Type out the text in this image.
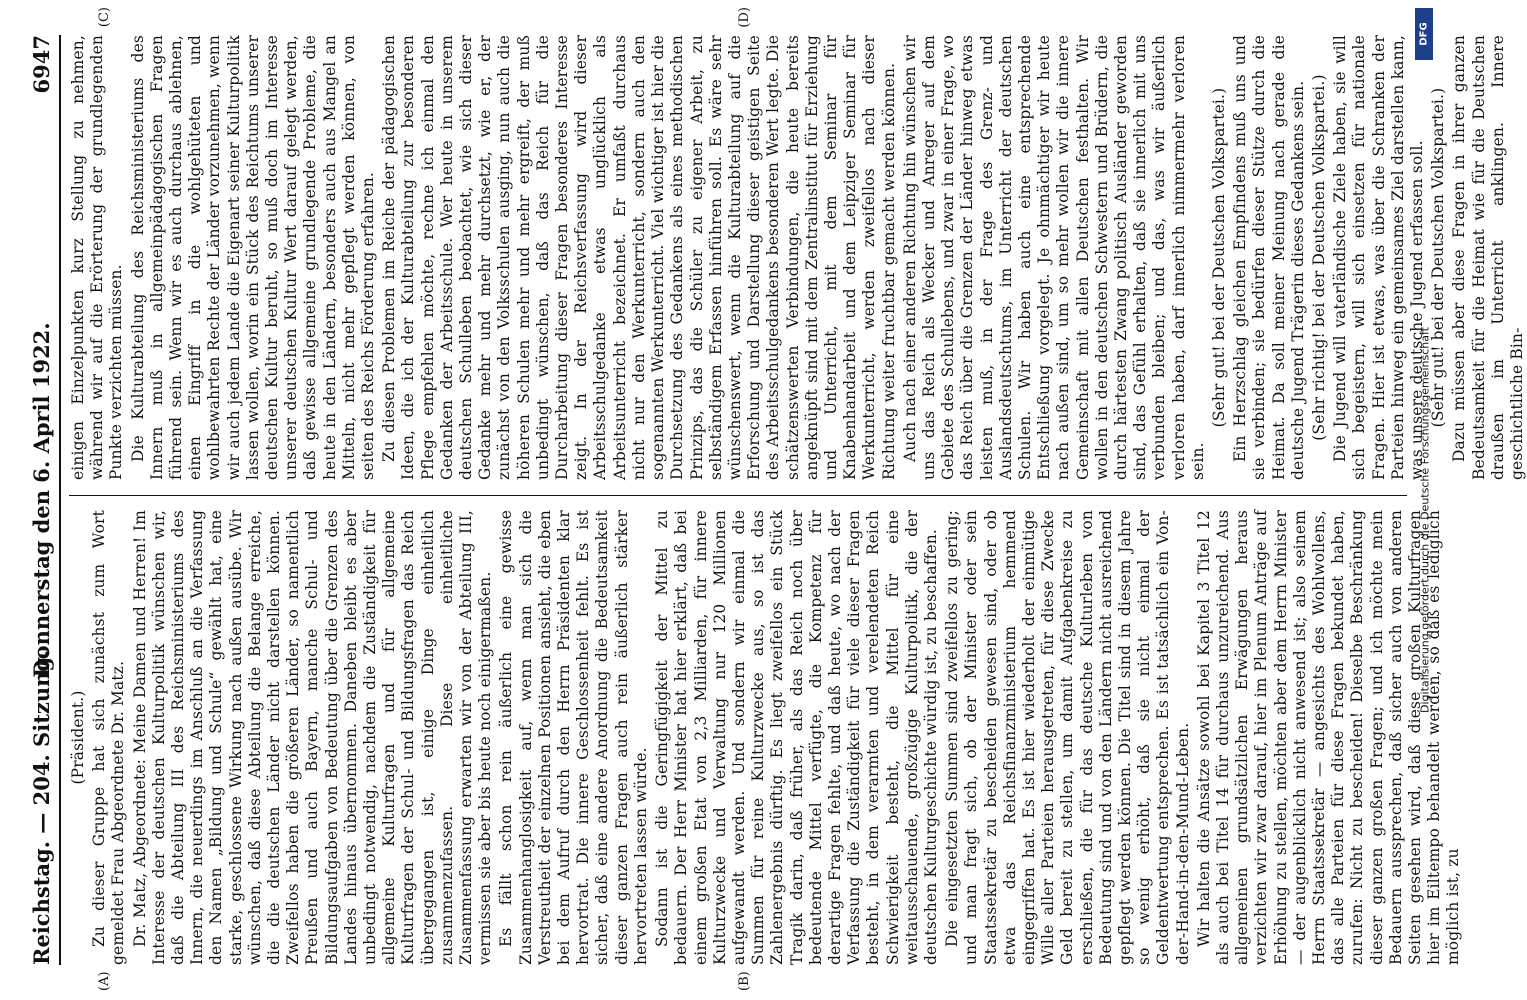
Reichstag. — 204. Sitzung.
Donnerstag den 6. April 1922.
6947

(Präsident.) Zu dieser Gruppe hat sich zunächst zum Wort gemeldet Frau Abgeordnete Dr. Matz. Dr. Matz, Abgeordnete: Meine Damen und Herren! Im Interesse der deutschen Kulturpolitik wünschen wir, daß die Abteilung III des Reichsministeriums des Innern, die neuerdings im Anschluß an die Verfassung den Namen „Bildung und Schule“ gewählt hat, eine starke, geschlossene Wirkung nach außen ausübe. Wir wünschen, daß diese Abteilung die Belange erreiche, die die deutschen Länder nicht darstellen können. Zweifellos haben die größeren Länder, so namentlich Preußen und auch Bayern, manche Schul- und Bildungsaufgaben von Bedeutung über die Grenzen des Landes hinaus übernommen. Daneben bleibt es aber unbedingt notwendig, nachdem die Zuständigkeit für allgemeine Kulturfragen und für allgemeine Kulturfragen der Schul- und Bildungsfragen das Reich übergegangen ist, einige Dinge einheitlich zusammenzufassen. Diese einheitliche Zusammenfassung erwarten wir von der Abteilung III, vermissen sie aber bis heute noch einigermaßen. Es fällt schon rein äußerlich eine gewisse Zusammenhanglosigkeit auf, wenn man sich die Verstreutheit der einzelnen Positionen ansieht, die eben bei dem Aufruf durch den Herrn Präsidenten klar hervortrat. Die innere Geschlossenheit fehlt. Es ist sicher, daß eine andere Anordnung die Bedeutsamkeit dieser ganzen Fragen auch rein äußerlich stärker hervortreten lassen würde. Sodann ist die Geringfügigkeit der Mittel zu bedauern. Der Herr Minister hat hier erklärt, daß bei einem großen Etat von 2,3 Milliarden, für innere Kulturzwecke und Verwaltung nur 120 Millionen aufgewandt werden. Und sondern wir einmal die Summen für reine Kulturzwecke aus, so ist das Zahlenergebnis dürftig. Es liegt zweifellos ein Stück Tragik darin, daß früher, als das Reich noch über bedeutende Mittel verfügte, die Kompetenz für derartige Fragen fehlte, und daß heute, wo nach der Verfassung die Zuständigkeit für viele dieser Fragen besteht, in dem verarmten und verelendeten Reich Schwierigkeit besteht, die Mittel für eine weitausschauende, großzügige Kulturpolitik, die der deutschen Kulturgeschichte würdig ist, zu beschaffen. Die eingesetzten Summen sind zweifellos zu gering; und man fragt sich, ob der Minister oder sein Staatssekretär zu bescheiden gewesen sind, oder ob etwa das Reichsfinanzministerium hemmend eingegriffen hat. Es ist hier wiederholt der einmütige Wille aller Parteien herausgetreten, für diese Zwecke Geld bereit zu stellen, um damit Aufgabenkreise zu erschließen, die für das deutsche Kulturleben von Bedeutung sind und von den Ländern nicht ausreichend gepflegt werden können. Die Titel sind in diesem Jahre so wenig erhöht, daß sie nicht einmal der Geldentwertung entsprechen. Es ist tatsächlich ein Von-der-Hand-in-den-Mund-Leben. Wir halten die Ansätze sowohl bei Kapitel 3 Titel 12 als auch bei Titel 14 für durchaus unzureichend. Aus allgemeinen grundsätzlichen Erwägungen heraus verzichten wir zwar darauf, hier im Plenum Anträge auf Erhöhung zu stellen, möchten aber dem Herrn Minister — der augenblicklich nicht anwesend ist; also seinem Herrn Staatssekretär — angesichts des Wohlwollens, das alle Parteien für diese Fragen bekundet haben, zurufen: Nicht zu bescheiden! Dieselbe Beschränkung dieser ganzen großen Fragen; und ich möchte mein Bedauern aussprechen, daß sicher auch von anderen Seiten gesehen wird, daß diese großen Kulturfragen hier im Eiltempo behandelt werden, so daß es lediglich möglich ist, zu

einigen Einzelpunkten kurz Stellung zu nehmen, während wir auf die Erörterung der grundlegenden Punkte verzichten müssen. Die Kulturabteilung des Reichsministeriums des Innern muß in allgemeinpädagogischen Fragen führend sein. Wenn wir es auch durchaus ablehnen, einen Eingriff in die wohlgehüteten und wohlbewahrten Rechte der Länder vorzunehmen, wenn wir auch jedem Lande die Eigenart seiner Kulturpolitik lassen wollen, worin ein Stück des Reichtums unserer deutschen Kultur beruht, so muß doch im Interesse unserer deutschen Kultur Wert darauf gelegt werden, daß gewisse allgemeine grundlegende Probleme, die heute in den Ländern, besonders auch aus Mangel an Mitteln, nicht mehr gepflegt werden können, von seiten des Reichs Förderung erfahren. Zu diesen Problemen im Reiche der pädagogischen Ideen, die ich der Kulturabteilung zur besonderen Pflege empfehlen möchte, rechne ich einmal den Gedanken der Arbeitsschule. Wer heute in unserem deutschen Schulleben beobachtet, wie sich dieser Gedanke mehr und mehr durchsetzt, wie er, der zunächst von den Volksschulen ausging, nun auch die höheren Schulen mehr und mehr ergreift, der muß unbedingt wünschen, daß das Reich für die Durcharbeitung dieser Fragen besonderes Interesse zeigt. In der Reichsverfassung wird dieser Arbeitsschulgedanke etwas unglücklich als Arbeitsunterricht bezeichnet. Er umfaßt durchaus nicht nur den Werkunterricht, sondern auch den sogenannten Werkunterricht. Viel wichtiger ist hier die Durchsetzung des Gedankens als eines methodischen Prinzips, das die Schüler zu eigener Arbeit, zu selbständigem Erfassen hinführen soll. Es wäre sehr wünschenswert, wenn die Kulturabteilung auf die Erforschung und Darstellung dieser geistigen Seite des Arbeitsschulgedankens besonderen Wert legte. Die schätzenswerten Verbindungen, die heute bereits angeknüpft sind mit dem Zentralinstitut für Erziehung und Unterricht, mit dem Seminar für Knabenhandarbeit und dem Leipziger Seminar für Werkunterricht, werden zweifellos nach dieser Richtung weiter fruchtbar gemacht werden können. Auch nach einer anderen Richtung hin wünschen wir uns das Reich als Wecker und Anreger auf dem Gebiete des Schullebens, und zwar in einer Frage, wo das Reich über die Grenzen der Länder hinweg etwas leisten muß, in der Frage des Grenz- und Auslandsdeutschtums, im Unterricht der deutschen Schulen. Wir haben auch eine entsprechende Entschließung vorgelegt. Je ohnmächtiger wir heute nach außen sind, um so mehr wollen wir die innere Gemeinschaft mit allen Deutschen festhalten. Wir wollen in den deutschen Schwestern und Brüdern, die durch härtesten Zwang politisch Ausländer geworden sind, das Gefühl erhalten, daß sie innerlich mit uns verbunden bleiben; und das, was wir äußerlich verloren haben, darf innerlich nimmermehr verloren sein.

(Sehr gut! bei der Deutschen Volkspartei.) Ein Herzschlag gleichen Empfindens muß uns und sie verbinden; sie bedürfen dieser Stütze durch die Heimat. Da soll meiner Meinung nach gerade die deutsche Jugend Trägerin dieses Gedankens sein. (Sehr richtig! bei der Deutschen Volkspartei.) Die Jugend will vaterländische Ziele haben, sie will sich begeistern, will sich einsetzen für nationale Fragen. Hier ist etwas, was über die Schranken der Parteien hinweg ein gemeinsames Ziel darstellen kann, was unsere deutsche Jugend erfassen soll. (Sehr gut! bei der Deutschen Volkspartei.) Dazu müssen aber diese Fragen in ihrer ganzen Bedeutsamkeit für die Heimat wie für die Deutschen draußen im Unterricht anklingen. Innere geschichtliche Bin-

(A)	(B)
(C)	(D)
DFG
Digitalisierung gefördert durch die Deutsche Forschungsgemeinschaft
